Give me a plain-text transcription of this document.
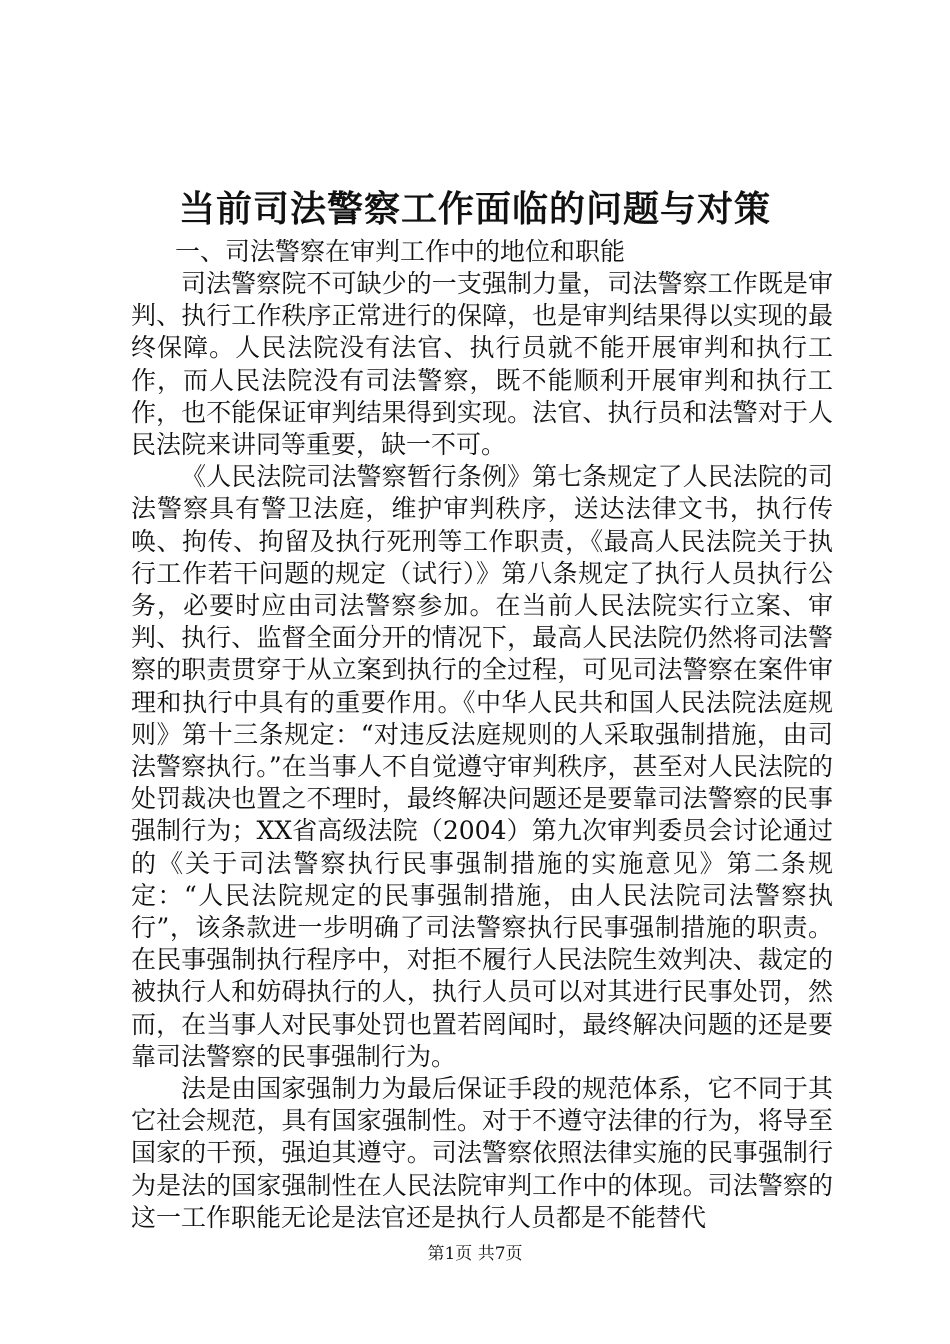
当前司法警察工作面临的问题与对策

一、司法警察在审判工作中的地位和职能

司法警察院不可缺少的一支强制力量，司法警察工作既是审判、执行工作秩序正常进行的保障，也是审判结果得以实现的最终保障。人民法院没有法官、执行员就不能开展审判和执行工作，而人民法院没有司法警察，既不能顺利开展审判和执行工作，也不能保证审判结果得到实现。法官、执行员和法警对于人民法院来讲同等重要，缺一不可。

《人民法院司法警察暂行条例》第七条规定了人民法院的司法警察具有警卫法庭，维护审判秩序，送达法律文书，执行传唤、拘传、拘留及执行死刑等工作职责，《最高人民法院关于执行工作若干问题的规定（试行）》第八条规定了执行人员执行公务，必要时应由司法警察参加。在当前人民法院实行立案、审判、执行、监督全面分开的情况下，最高人民法院仍然将司法警察的职责贯穿于从立案到执行的全过程，可见司法警察在案件审理和执行中具有的重要作用。《中华人民共和国人民法院法庭规则》第十三条规定：“对违反法庭规则的人采取强制措施，由司法警察执行。”在当事人不自觉遵守审判秩序，甚至对人民法院的处罚裁决也置之不理时，最终解决问题还是要靠司法警察的民事强制行为；XX省高级法院（2004）第九次审判委员会讨论通过的《关于司法警察执行民事强制措施的实施意见》第二条规定：“人民法院规定的民事强制措施，由人民法院司法警察执行”，该条款进一步明确了司法警察执行民事强制措施的职责。在民事强制执行程序中，对拒不履行人民法院生效判决、裁定的被执行人和妨碍执行的人，执行人员可以对其进行民事处罚，然而，在当事人对民事处罚也置若罔闻时，最终解决问题的还是要靠司法警察的民事强制行为。

法是由国家强制力为最后保证手段的规范体系，它不同于其它社会规范，具有国家强制性。对于不遵守法律的行为，将导至国家的干预，强迫其遵守。司法警察依照法律实施的民事强制行为是法的国家强制性在人民法院审判工作中的体现。司法警察的这一工作职能无论是法官还是执行人员都是不能替代

第1页 共7页
